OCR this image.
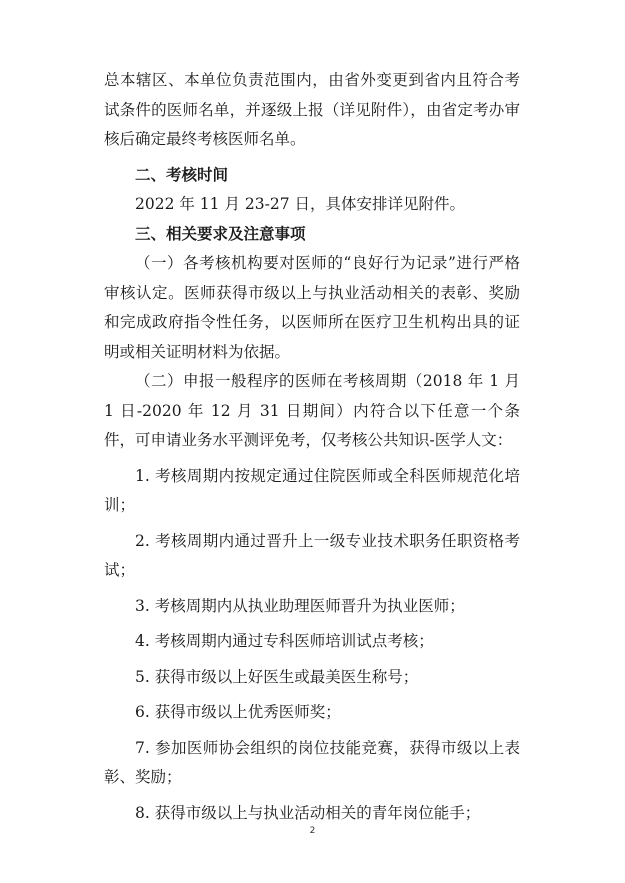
总本辖区、本单位负责范围内，由省外变更到省内且符合考试条件的医师名单，并逐级上报（详见附件），由省定考办审核后确定最终考核医师名单。

二、考核时间

2022 年 11 月 23-27 日，具体安排详见附件。

三、相关要求及注意事项

（一）各考核机构要对医师的“良好行为记录”进行严格审核认定。医师获得市级以上与执业活动相关的表彰、奖励和完成政府指令性任务，以医师所在医疗卫生机构出具的证明或相关证明材料为依据。

（二）申报一般程序的医师在考核周期（2018 年 1 月 1 日-2020 年 12 月 31 日期间）内符合以下任意一个条件，可申请业务水平测评免考，仅考核公共知识-医学人文：

1. 考核周期内按规定通过住院医师或全科医师规范化培训；

2. 考核周期内通过晋升上一级专业技术职务任职资格考试；

3. 考核周期内从执业助理医师晋升为执业医师；

4. 考核周期内通过专科医师培训试点考核；

5. 获得市级以上好医生或最美医生称号；

6. 获得市级以上优秀医师奖；

7. 参加医师协会组织的岗位技能竞赛，获得市级以上表彰、奖励；

8. 获得市级以上与执业活动相关的青年岗位能手；

2
